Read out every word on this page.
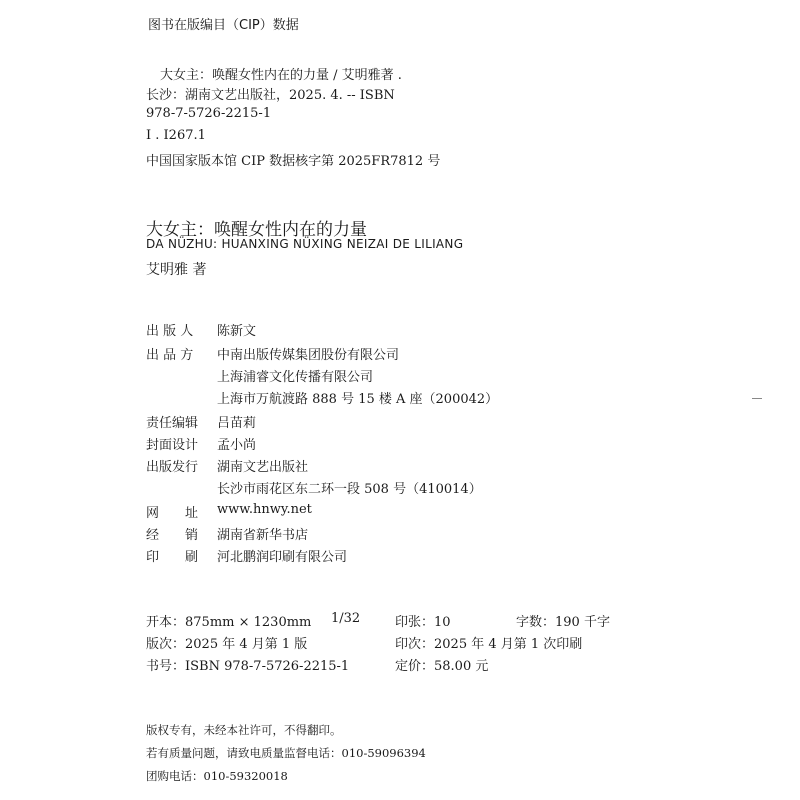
图书在版编目（CIP）数据
大女主：唤醒女性内在的力量 / 艾明雅著 .
长沙：湖南文艺出版社，2025. 4. -- ISBN
978-7-5726-2215-1
Ⅰ . I267.1
中国国家版本馆 CIP 数据核字第 2025FR7812 号
大女主：唤醒女性内在的力量
DA NÜZHU: HUANXING NÜXING NEIZAI DE LILIANG
艾明雅 著
出 版 人 陈新文
出 品 方 中南出版传媒集团股份有限公司
上海浦睿文化传播有限公司
上海市万航渡路 888 号 15 楼 A 座（200042）
责任编辑 吕苗莉
封面设计 孟小尚
出版发行 湖南文艺出版社
长沙市雨花区东二环一段 508 号（410014）
网　　址 www.hnwy.net
经　　销 湖南省新华书店
印　　刷 河北鹏润印刷有限公司
开本：875mm × 1230mm 1/32	印张：10	字数：190 千字
版次：2025 年 4 月第 1 版	印次：2025 年 4 月第 1 次印刷
书号：ISBN 978-7-5726-2215-1	定价：58.00 元
版权专有，未经本社许可，不得翻印。
若有质量问题，请致电质量监督电话：010-59096394
团购电话：010-59320018
